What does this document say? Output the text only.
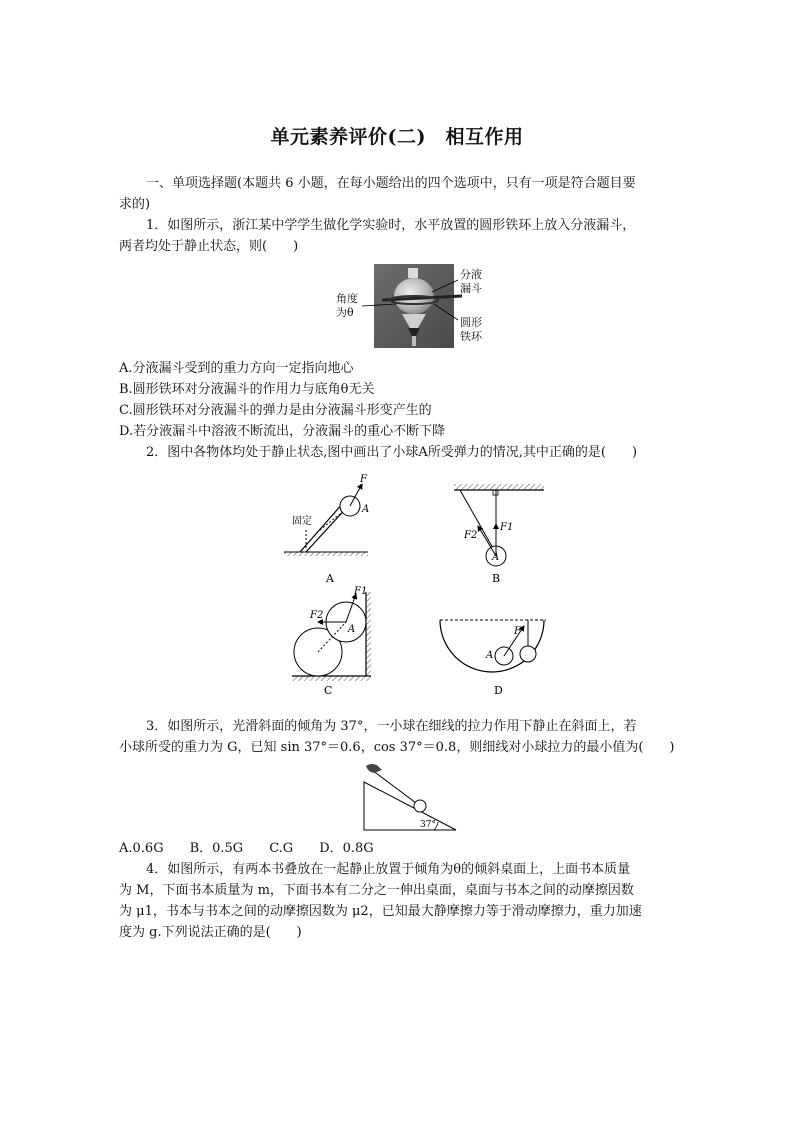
单元素养评价(二)　相互作用
一、单项选择题(本题共 6 小题，在每小题给出的四个选项中，只有一项是符合题目要
求的)
1．如图所示，浙江某中学学生做化学实验时，水平放置的圆形铁环上放入分液漏斗，
两者均处于静止状态，则(　　)
分液
漏斗
角度
为θ
圆形
铁环
A.分液漏斗受到的重力方向一定指向地心
B.圆形铁环对分液漏斗的作用力与底角θ无关
C.圆形铁环对分液漏斗的弹力是由分液漏斗形变产生的
D.若分液漏斗中溶液不断流出，分液漏斗的重心不断下降
2．图中各物体均处于静止状态,图中画出了小球A所受弹力的情况,其中正确的是(　　)
F
A
固定
A
F1
F2
A
B
F1
F2
A
C
F
A
D
3．如图所示，光滑斜面的倾角为 37°，一小球在细线的拉力作用下静止在斜面上，若
小球所受的重力为 G，已知 sin 37°＝0.6，cos 37°＝0.8，则细线对小球拉力的最小值为(　　)
37°
A.0.6G　　B．0.5G　　C.G　　D．0.8G
4．如图所示，有两本书叠放在一起静止放置于倾角为θ的倾斜桌面上，上面书本质量
为 M，下面书本质量为 m，下面书本有二分之一伸出桌面，桌面与书本之间的动摩擦因数
为 μ1，书本与书本之间的动摩擦因数为 μ2，已知最大静摩擦力等于滑动摩擦力，重力加速
度为 g.下列说法正确的是(　　)
